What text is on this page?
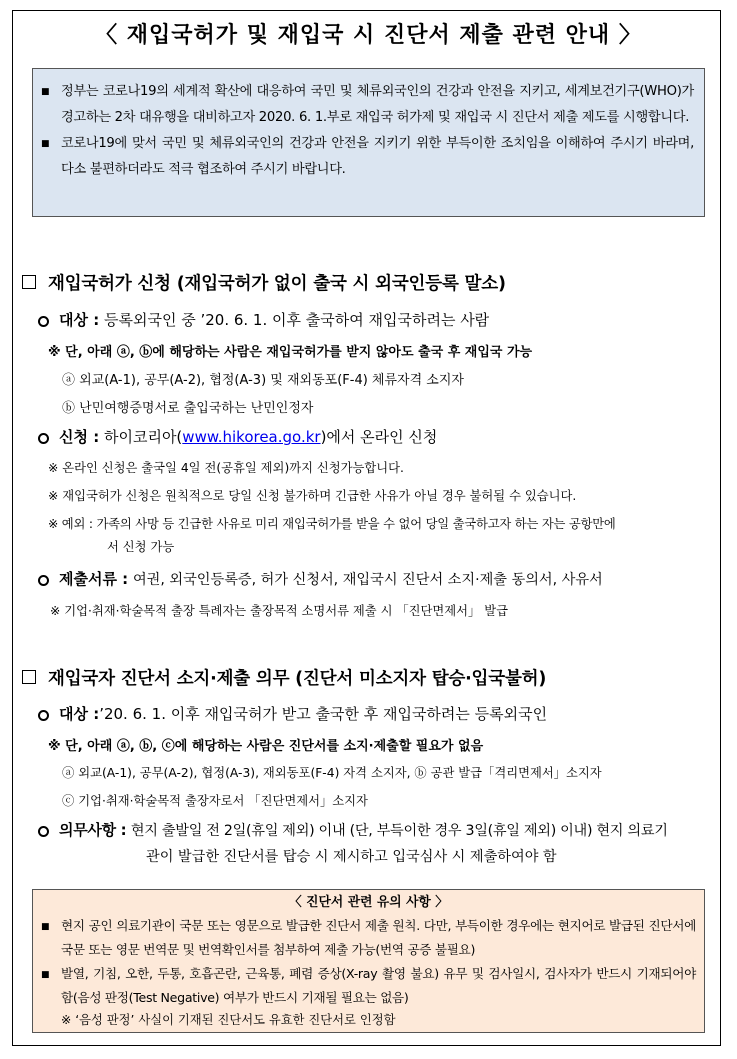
〈 재입국허가 및 재입국 시 진단서 제출 관련 안내 〉
■ 정부는 코로나19의 세계적 확산에 대응하여 국민 및 체류외국인의 건강과 안전을 지키고, 세계보건기구(WHO)가 경고하는 2차 대유행을 대비하고자 2020. 6. 1.부로 재입국 허가제 및 재입국 시 진단서 제출 제도를 시행합니다.
■ 코로나19에 맞서 국민 및 체류외국인의 건강과 안전을 지키기 위한 부득이한 조치임을 이해하여 주시기 바라며, 다소 불편하더라도 적극 협조하여 주시기 바랍니다.
재입국허가 신청 (재입국허가 없이 출국 시 외국인등록 말소)
대상 : 등록외국인 중 ’20. 6. 1. 이후 출국하여 재입국하려는 사람
※ 단, 아래 ⓐ, ⓑ에 해당하는 사람은 재입국허가를 받지 않아도 출국 후 재입국 가능
ⓐ 외교(A-1), 공무(A-2), 협정(A-3) 및 재외동포(F-4) 체류자격 소지자
ⓑ 난민여행증명서로 출입국하는 난민인정자
신청 : 하이코리아(www.hikorea.go.kr)에서 온라인 신청
※ 온라인 신청은 출국일 4일 전(공휴일 제외)까지 신청가능합니다.
※ 재입국허가 신청은 원칙적으로 당일 신청 불가하며 긴급한 사유가 아닐 경우 불허될 수 있습니다.
※ 예외 : 가족의 사망 등 긴급한 사유로 미리 재입국허가를 받을 수 없어 당일 출국하고자 하는 자는 공항만에
서 신청 가능
제출서류 : 여권, 외국인등록증, 허가 신청서, 재입국시 진단서 소지·제출 동의서, 사유서
※ 기업·취재·학술목적 출장 특례자는 출장목적 소명서류 제출 시 「진단면제서」 발급
재입국자 진단서 소지·제출 의무 (진단서 미소지자 탑승·입국불허)
대상 :’20. 6. 1. 이후 재입국허가 받고 출국한 후 재입국하려는 등록외국인
※ 단, 아래 ⓐ, ⓑ, ⓒ에 해당하는 사람은 진단서를 소지·제출할 필요가 없음
ⓐ 외교(A-1), 공무(A-2), 협정(A-3), 재외동포(F-4) 자격 소지자, ⓑ 공관 발급「격리면제서」소지자
ⓒ 기업·취재·학술목적 출장자로서 「진단면제서」소지자
의무사항 : 현지 출발일 전 2일(휴일 제외) 이내 (단, 부득이한 경우 3일(휴일 제외) 이내) 현지 의료기
관이 발급한 진단서를 탑승 시 제시하고 입국심사 시 제출하여야 함
〈 진단서 관련 유의 사항 〉
■ 현지 공인 의료기관이 국문 또는 영문으로 발급한 진단서 제출 원칙. 다만, 부득이한 경우에는 현지어로 발급된 진단서에 국문 또는 영문 번역문 및 번역확인서를 첨부하여 제출 가능(번역 공증 불필요)
■ 발열, 기침, 오한, 두통, 호흡곤란, 근육통, 폐렴 증상(X-ray 촬영 불요) 유무 및 검사일시, 검사자가 반드시 기재되어야 함(음성 판정(Test Negative) 여부가 반드시 기재될 필요는 없음)
※ ‘음성 판정’ 사실이 기재된 진단서도 유효한 진단서로 인정함
